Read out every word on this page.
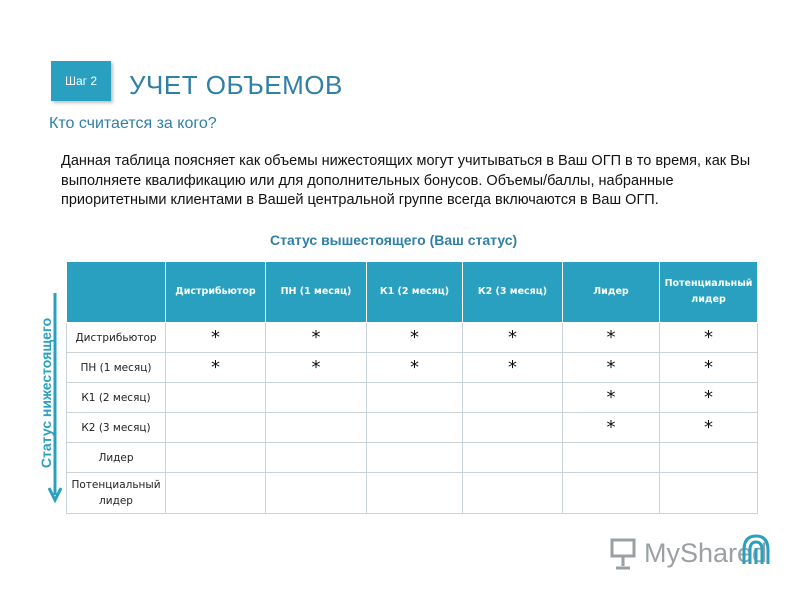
Шаг 2 УЧЕТ ОБЪЕМОВ
Кто считается за кого?
Данная таблица поясняет как объемы нижестоящих могут учитываться в Ваш ОГП в то время, как Вы выполняете квалификацию или для дополнительных бонусов. Объемы/баллы, набранные приоритетными клиентами в Вашей центральной группе всегда включаются в Ваш ОГП.
Статус вышестоящего (Ваш статус)
Статус нижестоящего
	Дистрибьютор	ПН (1 месяц)	К1 (2 месяц)	К2 (3 месяц)	Лидер	Потенциальный лидер
Дистрибьютор	*	*	*	*	*	*
ПН (1 месяц)	*	*	*	*	*	*
К1 (2 месяц)					*	*
К2 (3 месяц)					*	*
Лидер						
Потенциальный лидер						
MyShared
